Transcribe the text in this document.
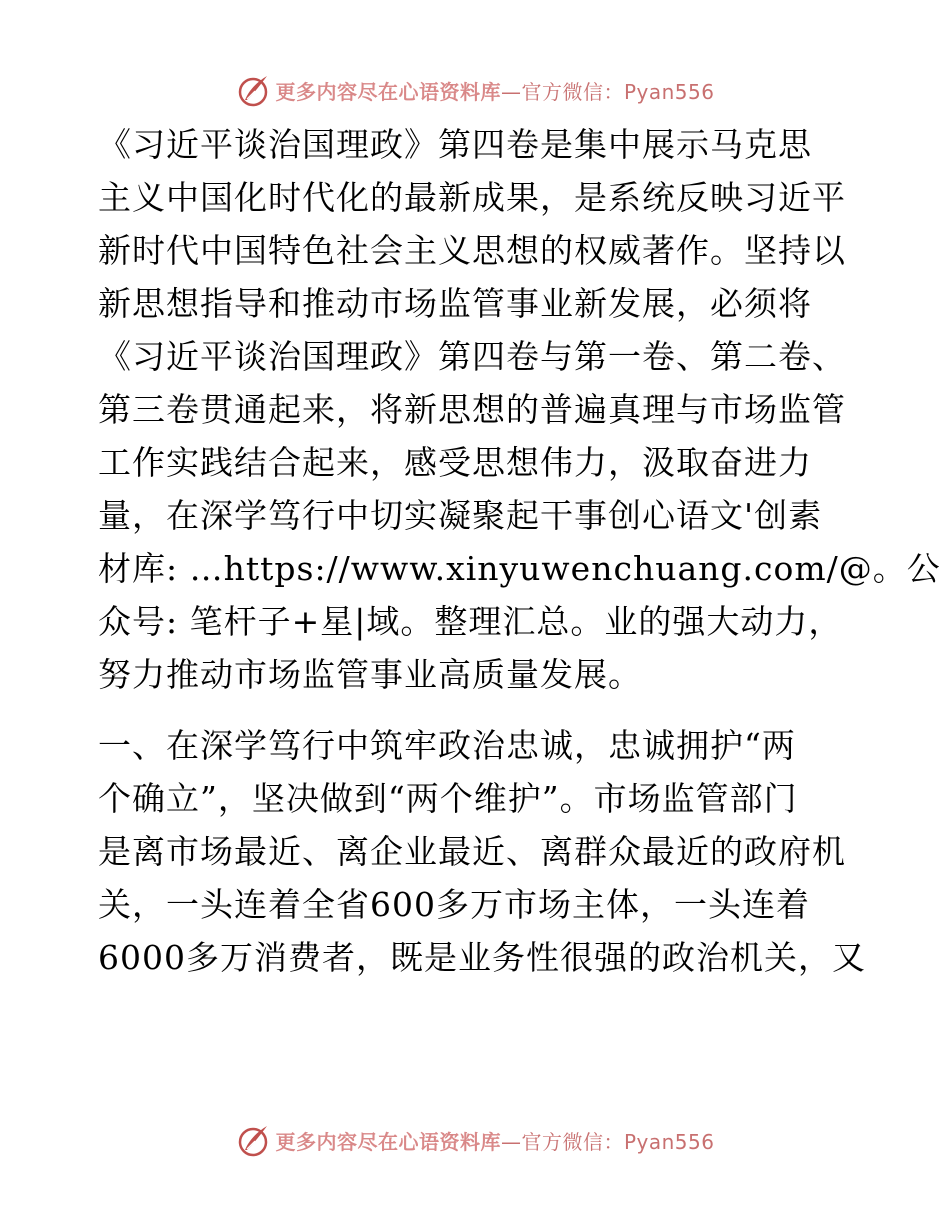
更多内容尽在心语资料库—官方微信：Pyan556
《习近平谈治国理政》第四卷是集中展示马克思
主义中国化时代化的最新成果，是系统反映习近平
新时代中国特色社会主义思想的权威著作。坚持以
新思想指导和推动市场监管事业新发展，必须将
《习近平谈治国理政》第四卷与第一卷、第二卷、
第三卷贯通起来，将新思想的普遍真理与市场监管
工作实践结合起来，感受思想伟力，汲取奋进力
量，在深学笃行中切实凝聚起干事创心语文'创素
材库: …https://www.xinyuwenchuang.com/@。公
众号: 笔杆子+星|域。整理汇总。业的强大动力，
努力推动市场监管事业高质量发展。
一、在深学笃行中筑牢政治忠诚，忠诚拥护“两
个确立”，坚决做到“两个维护”。市场监管部门
是离市场最近、离企业最近、离群众最近的政府机
关，一头连着全省600多万市场主体，一头连着
6000多万消费者，既是业务性很强的政治机关，又
更多内容尽在心语资料库—官方微信：Pyan556
